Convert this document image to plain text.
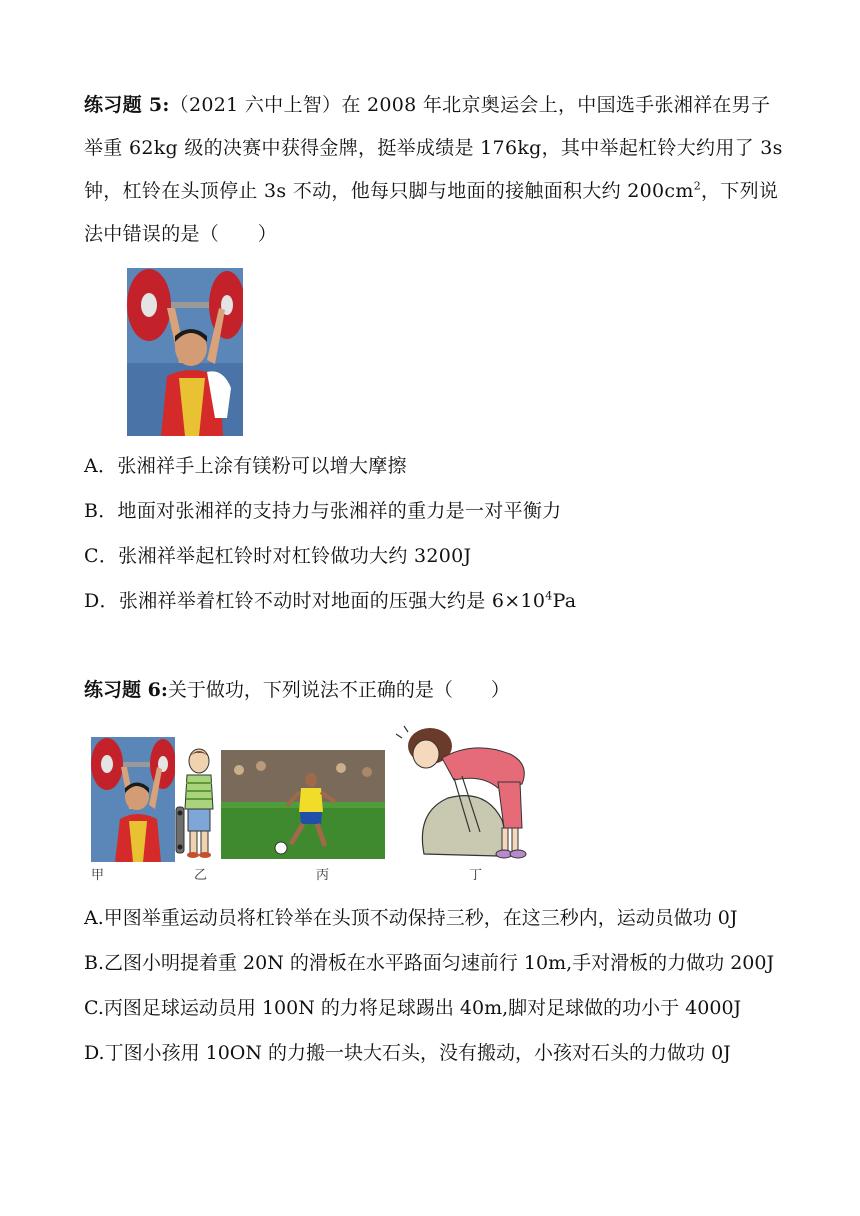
练习题 5:（2021 六中上智）在 2008 年北京奥运会上，中国选手张湘祥在男子
举重 62kg 级的决赛中获得金牌，挺举成绩是 176kg，其中举起杠铃大约用了 3s
钟，杠铃在头顶停止 3s 不动，他每只脚与地面的接触面积大约 $200cm^2$，下列说
法中错误的是（　　）
A．张湘祥手上涂有镁粉可以增大摩擦
B．地面对张湘祥的支持力与张湘祥的重力是一对平衡力
C．张湘祥举起杠铃时对杠铃做功大约 3200J
D．张湘祥举着杠铃不动时对地面的压强大约是 $6\times 10^4Pa$
练习题 6:关于做功，下列说法不正确的是（　　）
甲	乙	丙	丁
A.甲图举重运动员将杠铃举在头顶不动保持三秒，在这三秒内，运动员做功 0J
B.乙图小明提着重 20N 的滑板在水平路面匀速前行 10m,手对滑板的力做功 200J
C.丙图足球运动员用 100N 的力将足球踢出 40m,脚对足球做的功小于 4000J
D.丁图小孩用 10ON 的力搬一块大石头，没有搬动，小孩对石头的力做功 0J
